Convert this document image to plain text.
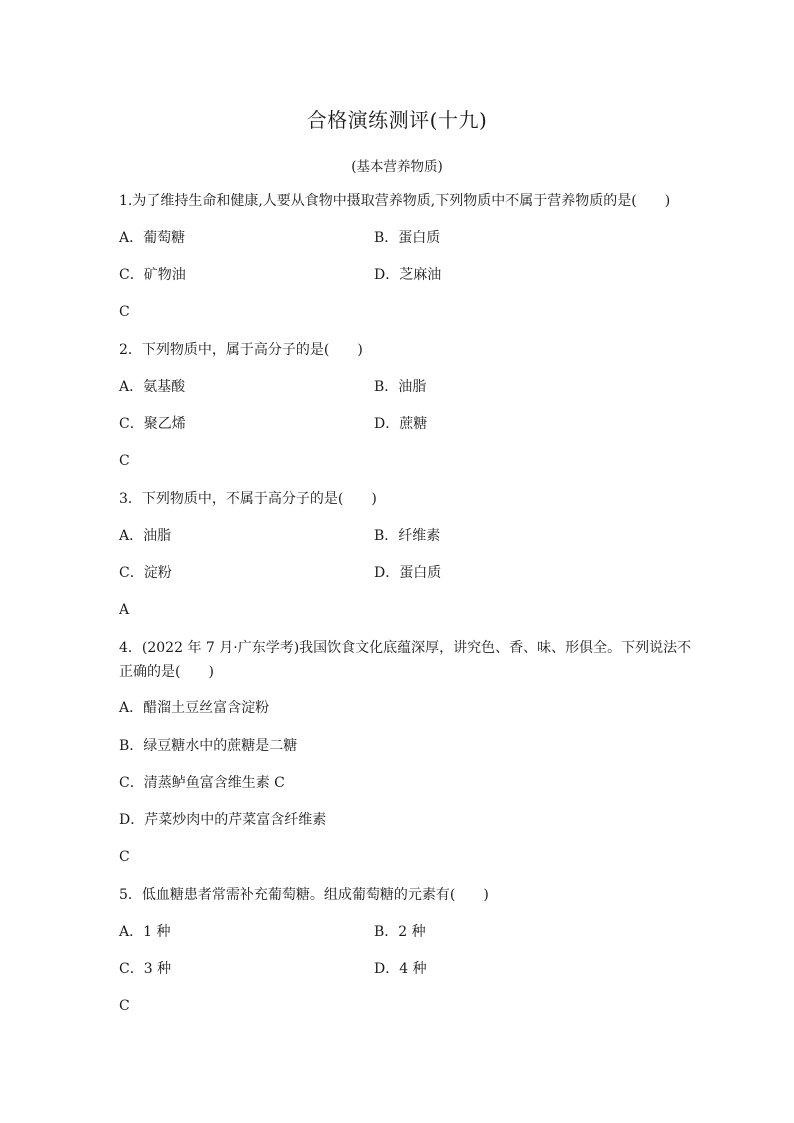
合格演练测评(十九)
(基本营养物质)
1.为了维持生命和健康,人要从食物中摄取营养物质,下列物质中不属于营养物质的是(　　)
A．葡萄糖	B．蛋白质
C．矿物油	D．芝麻油
C
2．下列物质中，属于高分子的是(　　)
A．氨基酸	B．油脂
C．聚乙烯	D．蔗糖
C
3．下列物质中，不属于高分子的是(　　)
A．油脂	B．纤维素
C．淀粉	D．蛋白质
A
4．(2022 年 7 月·广东学考)我国饮食文化底蕴深厚，讲究色、香、味、形俱全。下列说法不
正确的是(　　)
A．醋溜土豆丝富含淀粉
B．绿豆糖水中的蔗糖是二糖
C．清蒸鲈鱼富含维生素 C
D．芹菜炒肉中的芹菜富含纤维素
C
5．低血糖患者常需补充葡萄糖。组成葡萄糖的元素有(　　)
A．1 种	B．2 种
C．3 种	D．4 种
C
